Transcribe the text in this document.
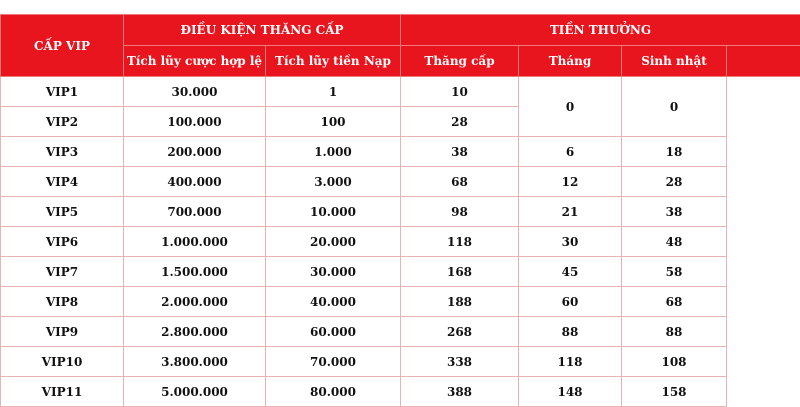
CẤP VIP	ĐIỀU KIỆN THĂNG CẤP		TIỀN THƯỞNG			
	Tích lũy cược hợp lệ	Tích lũy tiền Nạp	Thăng cấp	Tháng	Sinh nhật	
VIP1	30.000	1	10	0	0	
VIP2	100.000	100	28			
VIP3	200.000	1.000	38	6	18	
VIP4	400.000	3.000	68	12	28	
VIP5	700.000	10.000	98	21	38	
VIP6	1.000.000	20.000	118	30	48	
VIP7	1.500.000	30.000	168	45	58	
VIP8	2.000.000	40.000	188	60	68	
VIP9	2.800.000	60.000	268	88	88	
VIP10	3.800.000	70.000	338	118	108	
VIP11	5.000.000	80.000	388	148	158	
